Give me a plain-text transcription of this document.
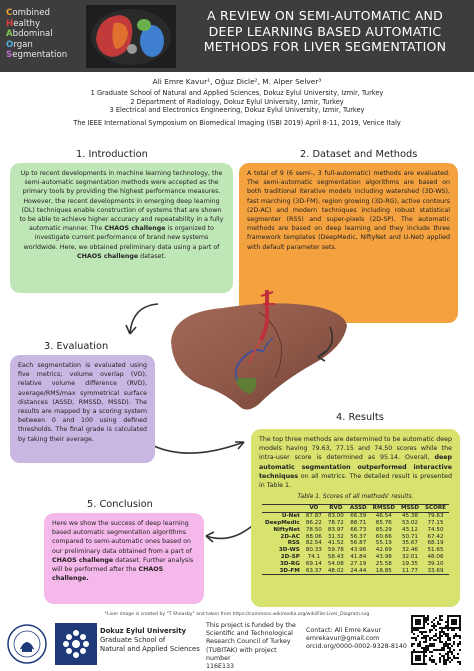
Combined
Healthy
Abdominal
Organ
Segmentation
A REVIEW ON SEMI-AUTOMATIC AND
DEEP LEARNING BASED AUTOMATIC
METHODS FOR LIVER SEGMENTATION
Ali Emre Kavur¹, Oğuz Dicle², M. Alper Selver³
1 Graduate School of Natural and Applied Sciences, Dokuz Eylul University, Izmir, Turkey
2 Department of Radiology, Dokuz Eylul University, Izmir, Turkey
3 Electrical and Electronics Engineering, Dokuz Eylul University, Izmir, Turkey
The IEEE International Symposium on Biomedical Imaging (ISBI 2019) April 8-11, 2019, Venice Italy
1. Introduction	2. Dataset and Methods
3. Evaluation
4. Results
5. Conclusion

Up to recent developments in machine learning technology, the semi-automatic segmentation methods were accepted as the primary tools by providing the highest performance measures. However, the recent developments in emerging deep learning (DL) techniques enable construction of systems that are shown to be able to achieve higher accuracy and repeatability in a fully automatic manner. The CHAOS challenge is organized to investigate current performance of brand new systems worldwide. Here, we obtained preliminary data using a part of CHAOS challenge dataset.

A total of 9 (6 semi-, 3 full-automatic) methods are evaluated. The semi-automatic segmentation algorithms are based on both traditional iterative models including watershed (3D-WS), fast marching (3D-FM), region growing (3D-RG), active contours (2D-AC) and modern techniques including robust statistical segmenter (RSS) and super-pixels (2D-SP). The automatic methods are based on deep learning and they include three framework templates (DeepMedic, NiftyNet and U-Net) applied with default parameter sets.

Each segmentation is evaluated using five metrics; volume overlap (VO), relative volume difference (RVD), average/RMS/max symmetrical surface distances (ASSD, RMSSD, MSSD). The results are mapped by a scoring system between 0 and 100 using defined thresholds. The final grade is calculated by taking their average.	The top three methods are determined to be automatic deep models having 79.63, 77.15 and 74.50 scores while the intra-user score is determined as 95.14. Overall, deep automatic segmentation outperformed interactive techniques on all metrics. The detailed result is presented in Table 1.

Table 1. Scores of all methods' results.
	VO	RVD	ASSD	RMSSD	MSSD	SCORE
U-Net	87.87	83.00	66.39	46.54	45.38	79.63
DeepMedic	86.22	78.72	88.71	85.76	53.02	77.15
NiftyNet	78.50	83.97	66.73	85.29	43.12	74.50
2D-AC	88.06	31.32	56.37	60.66	50.71	67.42
RSS	82.54	41.52	56.87	55.19	35.67	68.19
3D-WS	80.33	59.78	43.96	42.69	32.46	51.65
2D-SP	74.1	58.43	41.84	43.98	32.01	48.06
3D-RG	69.14	54.08	27.19	25.58	19.35	39.10
3D-FM	63.37	48.02	24.44	18.85	11.77	33.69

Here we show the success of deep learning based automatic segmentation algorithms compared to semi-automatic ones based on our preliminary data obtained from a part of CHAOS challenge dataset. Further analysis will be performed after the CHAOS challenge.

*Liver image is created by "T Sheasby" and taken from https://commons.wikimedia.org/wiki/File:Liver_Diagram.svg
Dokuz Eylul University
Graduate School of
Natural and Applied Sciences
This project is funded by the
Scientific and Technological
Research Council of Turkey
(TUBITAK) with project number
116E133
Contact: Ali Emre Kavur
emrekavur@gmail.com
orcid.org/0000-0002-9328-8140
